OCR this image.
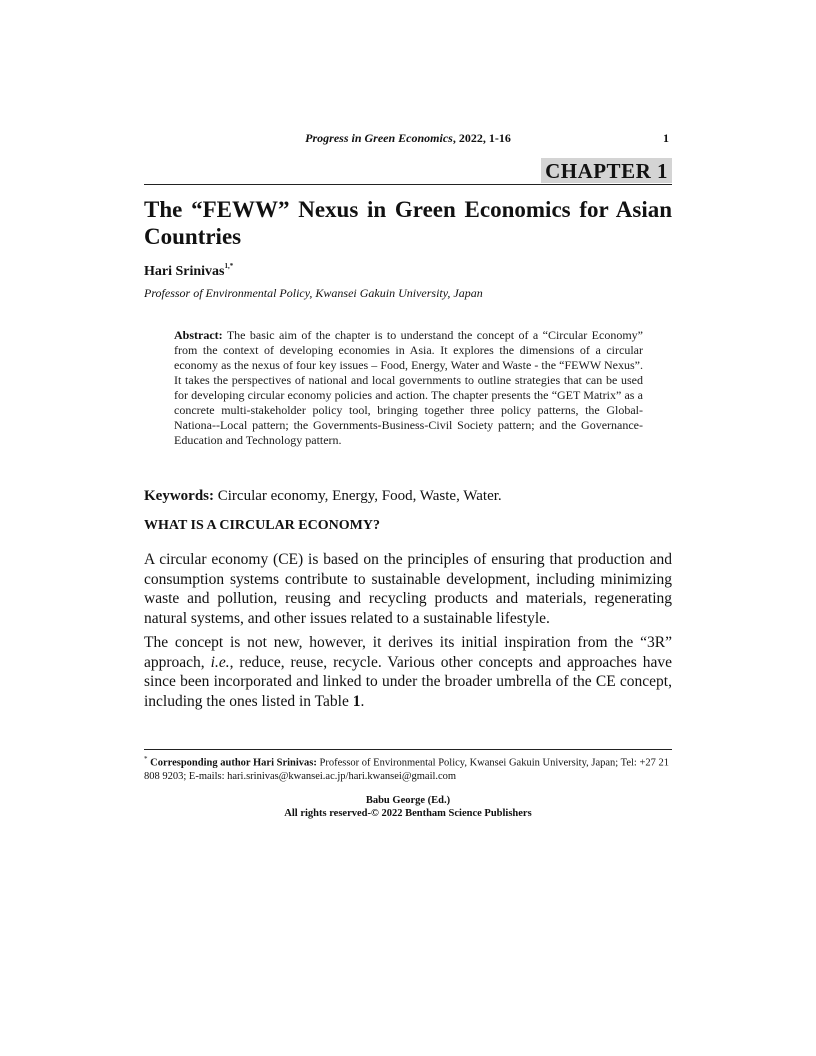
Progress in Green Economics, 2022, 1-16	1
CHAPTER 1
The “FEWW” Nexus in Green Economics for Asian Countries

Hari Srinivas$^{1,*}$

Professor of Environmental Policy, Kwansei Gakuin University, Japan

Abstract: The basic aim of the chapter is to understand the concept of a “Circular Economy” from the context of developing economies in Asia. It explores the dimensions of a circular economy as the nexus of four key issues – Food, Energy, Water and Waste - the “FEWW Nexus”. It takes the perspectives of national and local governments to outline strategies that can be used for developing circular economy policies and action. The chapter presents the “GET Matrix” as a concrete multi-stakeholder policy tool, bringing together three policy patterns, the Global-Nationa--Local pattern; the Governments-Business-Civil Society pattern; and the Governance-Education and Technology pattern.

Keywords: Circular economy, Energy, Food, Waste, Water.

WHAT IS A CIRCULAR ECONOMY?

A circular economy (CE) is based on the principles of ensuring that production and consumption systems contribute to sustainable development, including minimizing waste and pollution, reusing and recycling products and materials, regenerating natural systems, and other issues related to a sustainable lifestyle.

The concept is not new, however, it derives its initial inspiration from the “3R” approach, i.e., reduce, reuse, recycle. Various other concepts and approaches have since been incorporated and linked to under the broader umbrella of the CE concept, including the ones listed in Table 1.

* Corresponding author Hari Srinivas: Professor of Environmental Policy, Kwansei Gakuin University, Japan; Tel: +27 21 808 9203; E-mails: hari.srinivas@kwansei.ac.jp/hari.kwansei@gmail.com
Babu George (Ed.)
All rights reserved-© 2022 Bentham Science Publishers
